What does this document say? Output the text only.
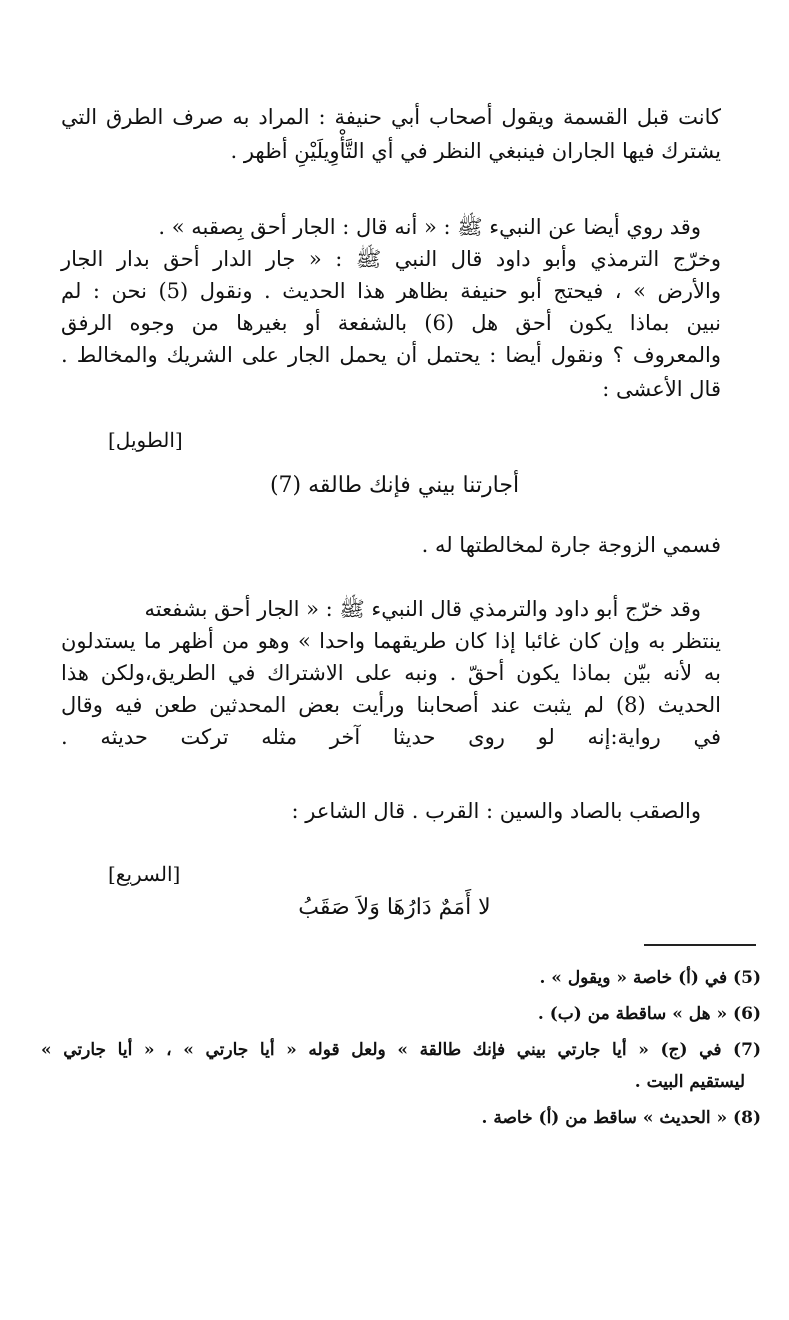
كانت قبل القسمة ويقول أصحاب أبي حنيفة : المراد به صرف الطرق التي
يشترك فيها الجاران فينبغي النظر في أي التَّأْوِيلَيْنِ أظهر .
وقد روي أيضا عن النبيء ﷺ : « أنه قال : الجار أحق بِصقبه » .
وخرّج الترمذي وأبو داود قال النبي ﷺ : « جار الدار أحق بدار الجار
والأرض » ، فيحتج أبو حنيفة بظاهر هذا الحديث . ونقول (5) نحن : لم
نبين بماذا يكون أحق هل (6) بالشفعة أو بغيرها من وجوه الرفق
والمعروف ؟ ونقول أيضا : يحتمل أن يحمل الجار على الشريك والمخالط .
قال الأعشى :
[الطويل]
أجارتنا بيني فإنك طالقه (7)
فسمي الزوجة جارة لمخالطتها له .
وقد خرّج أبو داود والترمذي قال النبيء ﷺ : « الجار أحق بشفعته
ينتظر به وإن كان غائبا إذا كان طريقهما واحدا » وهو من أظهر ما يستدلون
به لأنه بيّن بماذا يكون أحقّ . ونبه على الاشتراك في الطريق،ولكن هذا
الحديث (8) لم يثبت عند أصحابنا ورأيت بعض المحدثين طعن فيه وقال
في رواية:إنه لو روى حديثا آخر مثله تركت حديثه .
والصقب بالصاد والسين : القرب . قال الشاعر :
[السريع]
لا أَمَمٌ دَارُهَا وَلاَ صَقَبُ
(5) في (أ) خاصة « ويقول » .
(6) « هل » ساقطة من (ب) .
(7) في (ج) « أيا جارتي بيني فإنك طالقة » ولعل قوله « أيا جارتي » ، « أيا جارتي »
ليستقيم البيت .
(8) « الحديث » ساقط من (أ) خاصة .
